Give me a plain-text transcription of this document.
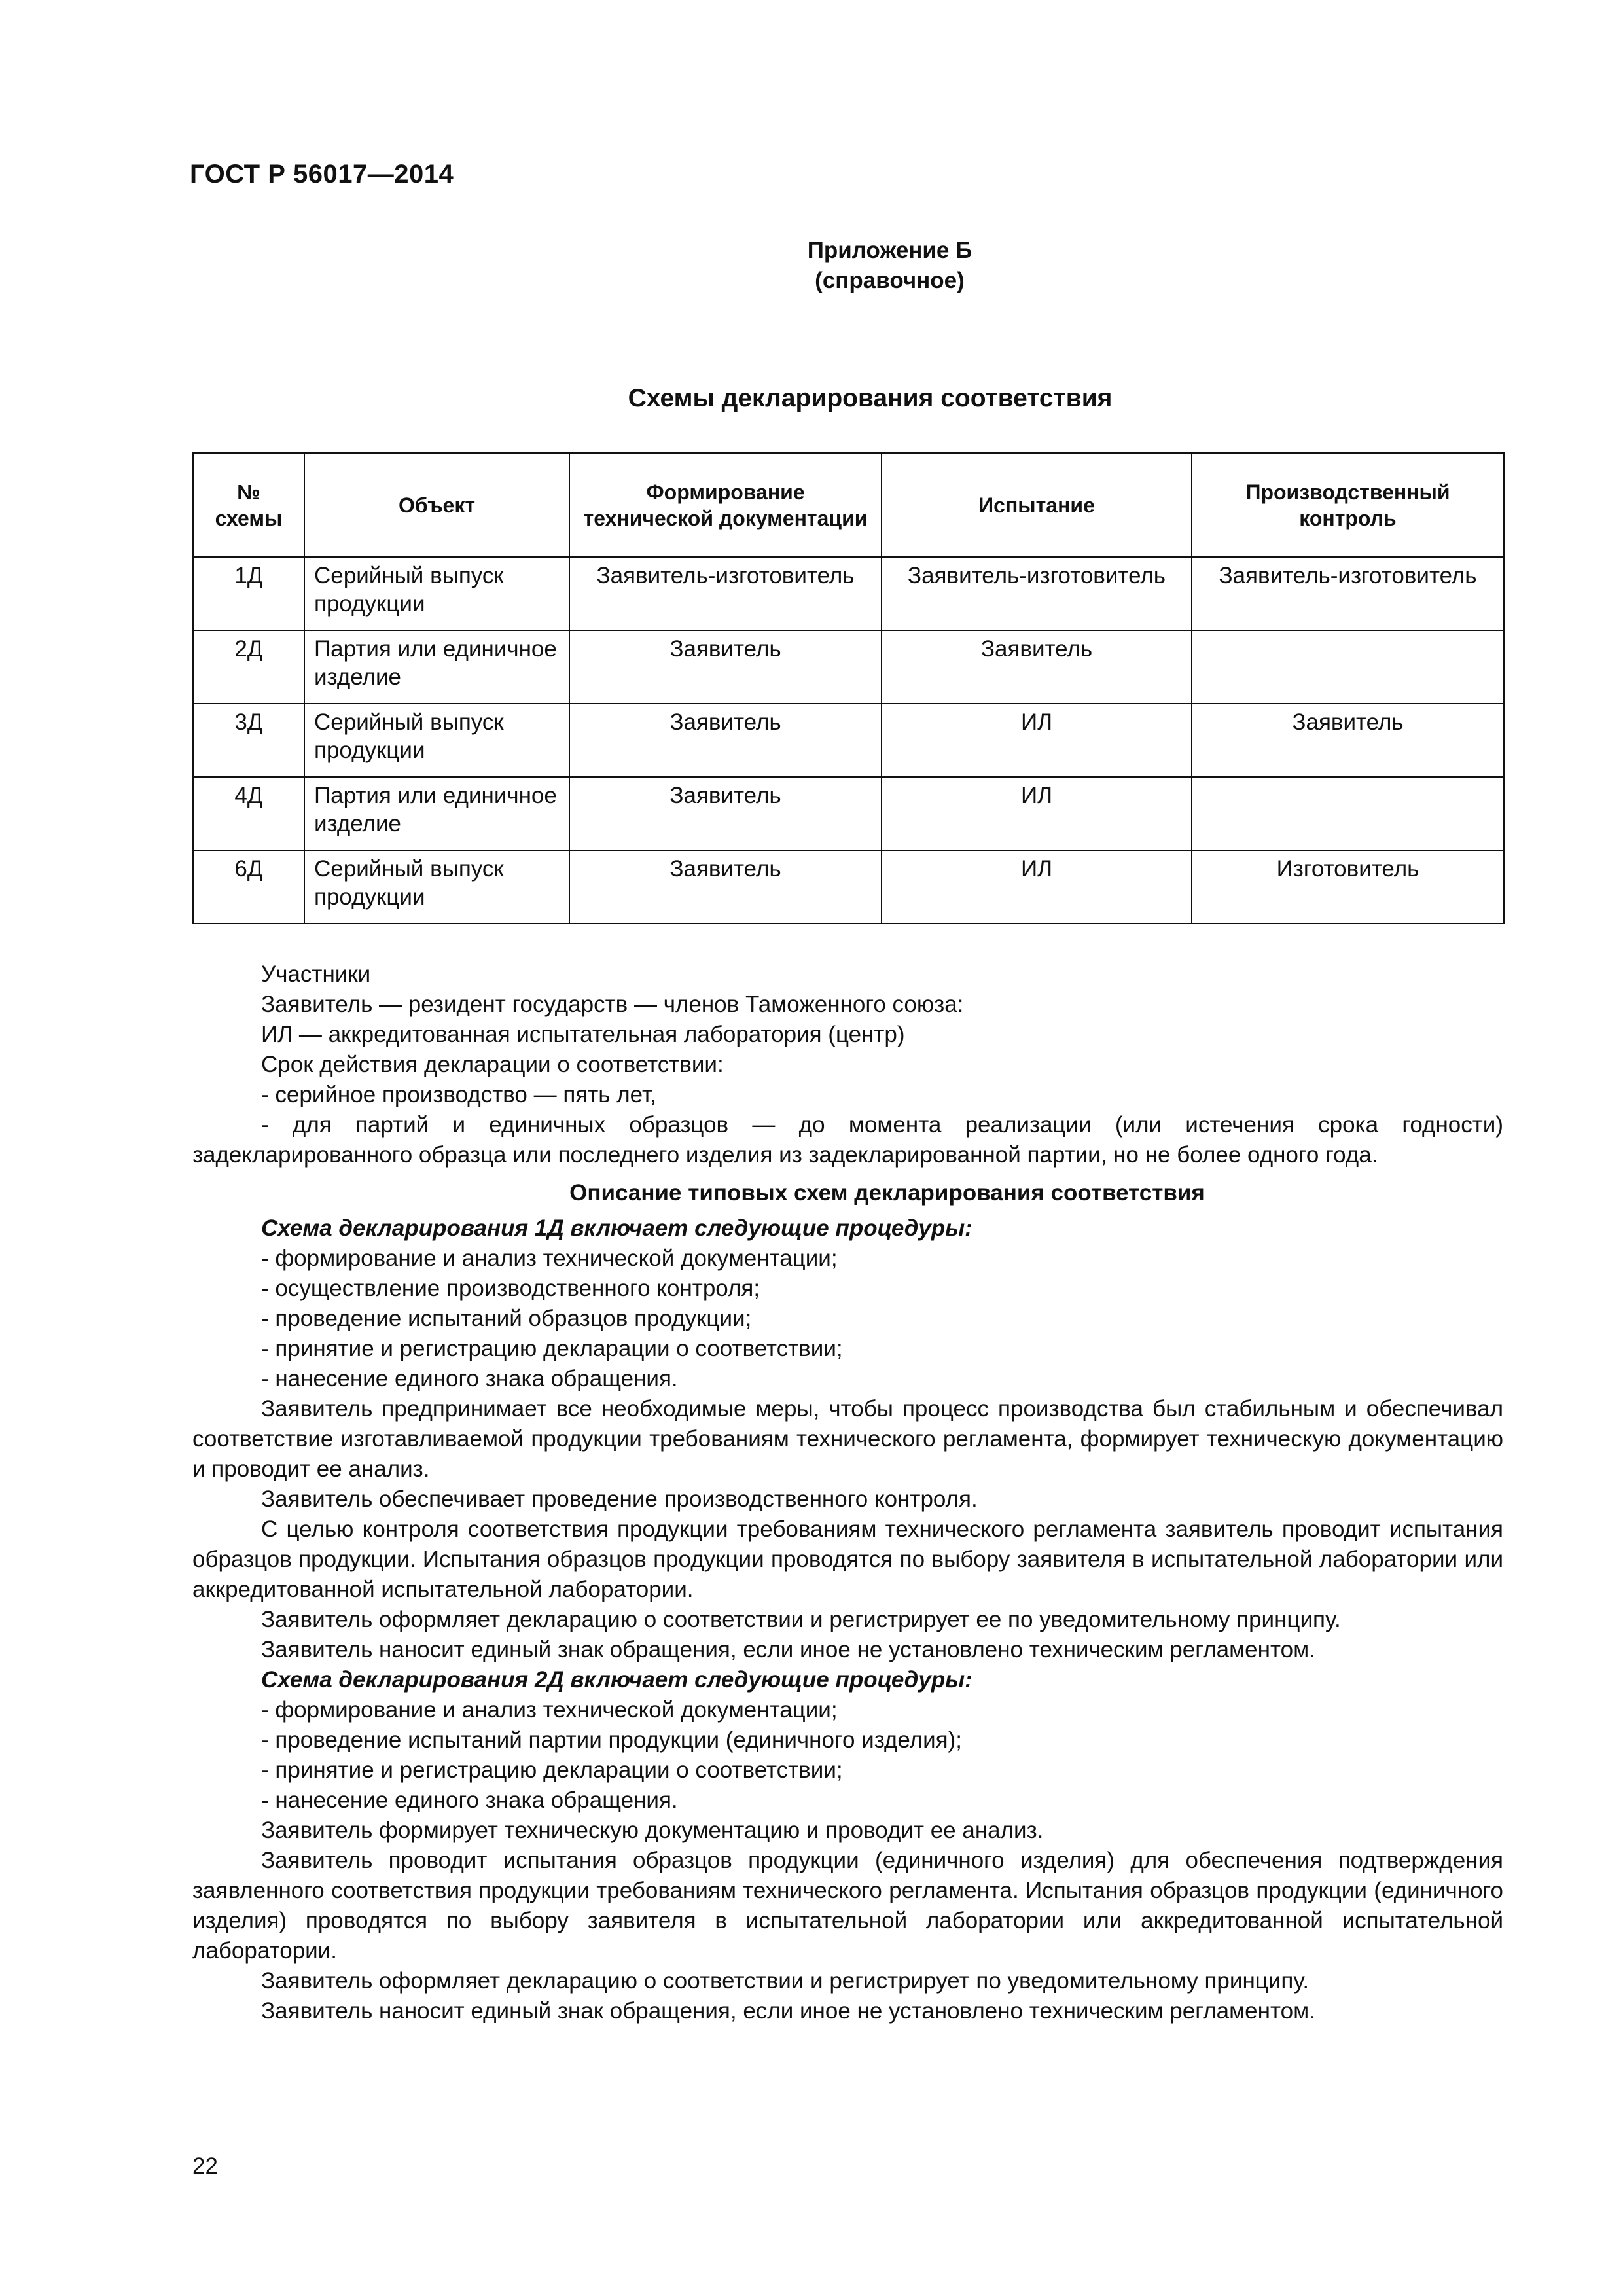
ГОСТ Р 56017—2014
Приложение Б
(справочное)
Схемы декларирования соответствия
№ схемы	Объект	Формирование технической документации	Испытание	Производственный контроль
1Д	Серийный выпуск продукции	Заявитель-изготовитель	Заявитель-изготовитель	Заявитель-изготовитель
2Д	Партия или единичное изделие	Заявитель	Заявитель	
3Д	Серийный выпуск продукции	Заявитель	ИЛ	Заявитель
4Д	Партия или единичное изделие	Заявитель	ИЛ	
6Д	Серийный выпуск продукции	Заявитель	ИЛ	Изготовитель

Участники

Заявитель — резидент государств — членов Таможенного союза:

ИЛ — аккредитованная испытательная лаборатория (центр)

Срок действия декларации о соответствии:

- серийное производство — пять лет,

- для партий и единичных образцов — до момента реализации (или истечения срока годности) задекларированного образца или последнего изделия из задекларированной партии, но не более одного года.

Описание типовых схем декларирования соответствия

Схема декларирования 1Д включает следующие процедуры:

- формирование и анализ технической документации;

- осуществление производственного контроля;

- проведение испытаний образцов продукции;

- принятие и регистрацию декларации о соответствии;

- нанесение единого знака обращения.

Заявитель предпринимает все необходимые меры, чтобы процесс производства был стабильным и обеспечивал соответствие изготавливаемой продукции требованиям технического регламента, формирует техническую документацию и проводит ее анализ.

Заявитель обеспечивает проведение производственного контроля.

С целью контроля соответствия продукции требованиям технического регламента заявитель проводит испытания образцов продукции. Испытания образцов продукции проводятся по выбору заявителя в испытательной лаборатории или аккредитованной испытательной лаборатории.

Заявитель оформляет декларацию о соответствии и регистрирует ее по уведомительному принципу.

Заявитель наносит единый знак обращения, если иное не установлено техническим регламентом.

Схема декларирования 2Д включает следующие процедуры:

- формирование и анализ технической документации;

- проведение испытаний партии продукции (единичного изделия);

- принятие и регистрацию декларации о соответствии;

- нанесение единого знака обращения.

Заявитель формирует техническую документацию и проводит ее анализ.

Заявитель проводит испытания образцов продукции (единичного изделия) для обеспечения подтверждения заявленного соответствия продукции требованиям технического регламента. Испытания образцов продукции (единичного изделия) проводятся по выбору заявителя в испытательной лаборатории или аккредитованной испытательной лаборатории.

Заявитель оформляет декларацию о соответствии и регистрирует по уведомительному принципу.

Заявитель наносит единый знак обращения, если иное не установлено техническим регламентом.

22
